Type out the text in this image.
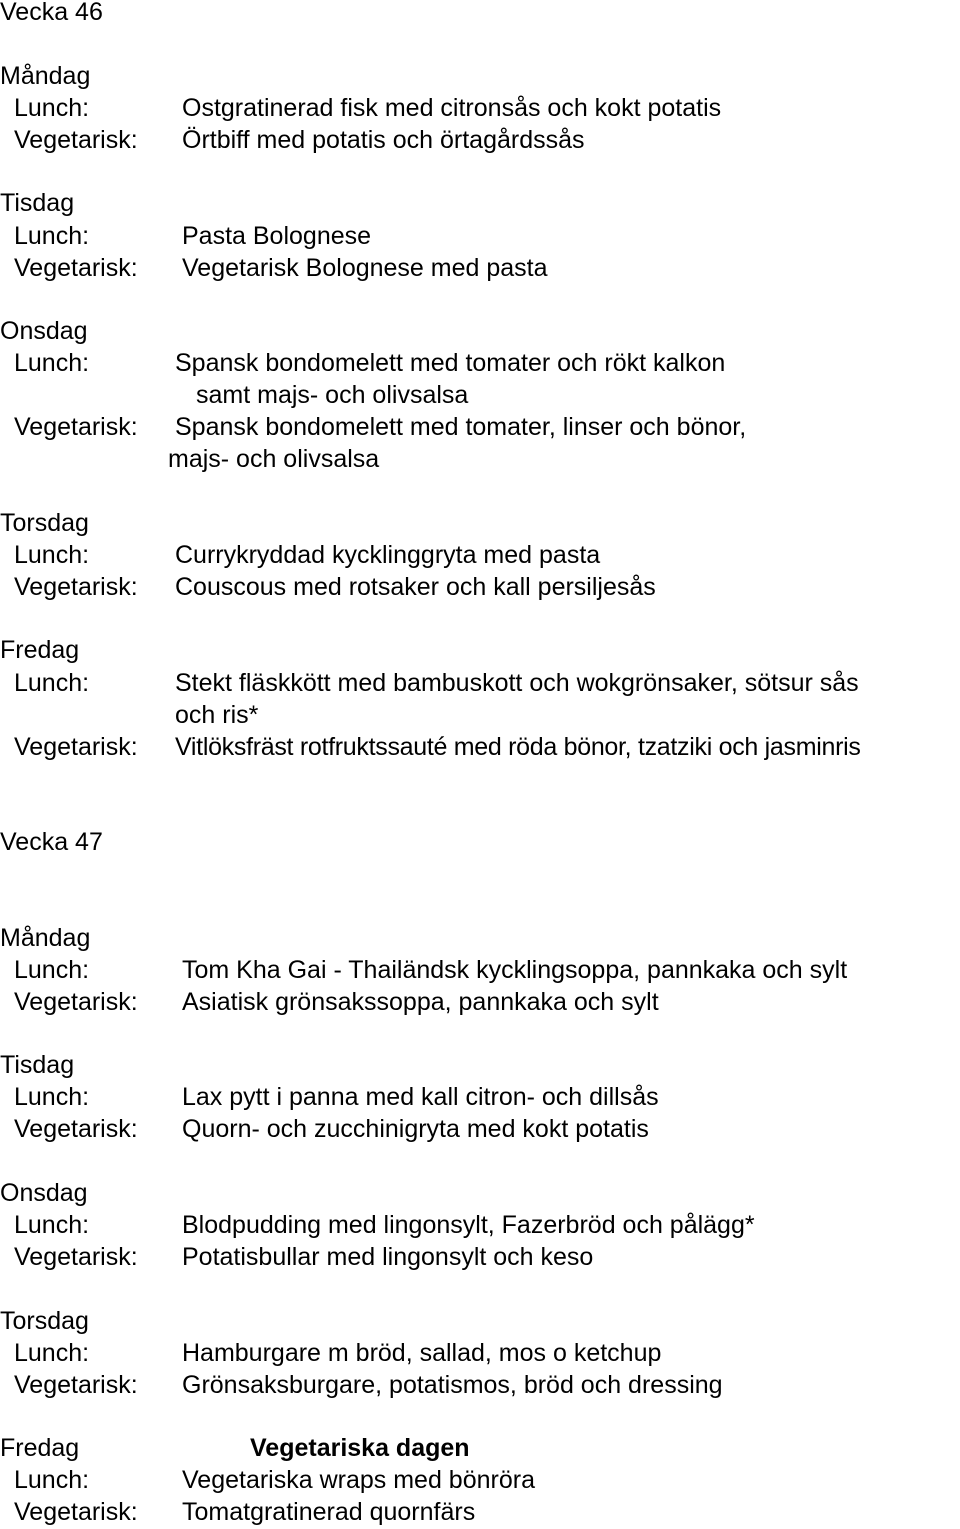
Vecka 46
Måndag
Lunch:	Ostgratinerad fisk med citronsås och kokt potatis
Vegetarisk: Örtbiff med potatis och örtagårdssås
Tisdag
Lunch:	Pasta Bolognese
Vegetarisk: Vegetarisk Bolognese med pasta
Onsdag
Lunch:	Spansk bondomelett med tomater och rökt kalkon
samt majs- och olivsalsa
Vegetarisk: Spansk bondomelett med tomater, linser och bönor,
majs- och olivsalsa
Torsdag
Lunch:	Currykryddad kycklinggryta med pasta
Vegetarisk: Couscous med rotsaker och kall persiljesås
Fredag
Lunch:	Stekt fläskkött med bambuskott och wokgrönsaker, sötsur sås
och ris*
Vegetarisk: Vitlöksfräst rotfruktssauté med röda bönor, tzatziki och jasminris
Vecka 47
Måndag
Lunch:	Tom Kha Gai - Thailändsk kycklingsoppa, pannkaka och sylt
Vegetarisk: Asiatisk grönsakssoppa, pannkaka och sylt
Tisdag
Lunch:	Lax pytt i panna med kall citron- och dillsås
Vegetarisk: Quorn- och zucchinigryta med kokt potatis
Onsdag
Lunch:	Blodpudding med lingonsylt, Fazerbröd och pålägg*
Vegetarisk: Potatisbullar med lingonsylt och keso
Torsdag
Lunch:	Hamburgare m bröd, sallad, mos o ketchup
Vegetarisk: Grönsaksburgare, potatismos, bröd och dressing
Fredag	Vegetariska dagen
Lunch:	Vegetariska wraps med bönröra
Vegetarisk: Tomatgratinerad quornfärs
